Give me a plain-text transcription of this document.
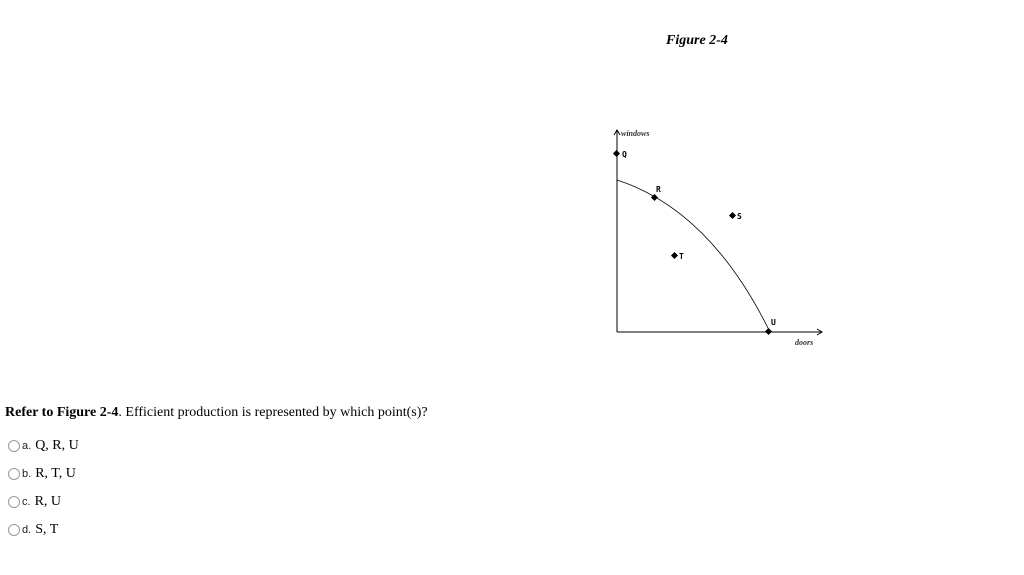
Figure 2-4
windows
doors
Q
R
S
T
U
Refer to Figure 2-4. Efficient production is represented by which point(s)?
a. Q, R, U
b. R, T, U
c. R, U
d. S, T
